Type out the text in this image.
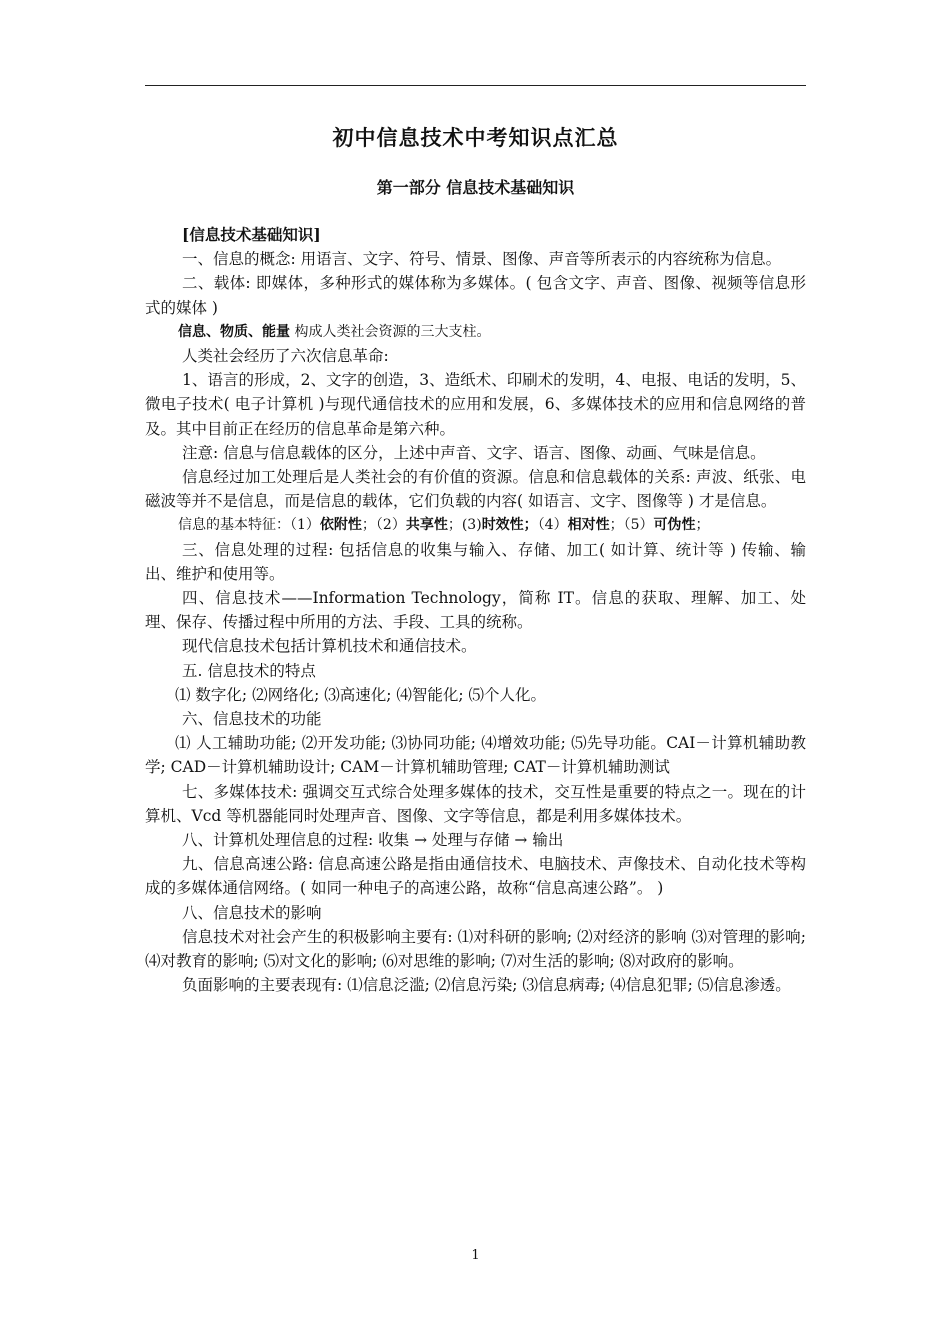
初中信息技术中考知识点汇总
第一部分 信息技术基础知识

[信息技术基础知识]

一、信息的概念: 用语言、文字、符号、情景、图像、声音等所表示的内容统称为信息。

二、载体: 即媒体，多种形式的媒体称为多媒体。( 包含文字、声音、图像、视频等信息形式的媒体 )

信息、物质、能量 构成人类社会资源的三大支柱。

人类社会经历了六次信息革命:

1、语言的形成，2、文字的创造，3、造纸术、印刷术的发明，4、电报、电话的发明，5、微电子技术( 电子计算机 )与现代通信技术的应用和发展，6、多媒体技术的应用和信息网络的普及。其中目前正在经历的信息革命是第六种。

注意: 信息与信息载体的区分，上述中声音、文字、语言、图像、动画、气味是信息。

信息经过加工处理后是人类社会的有价值的资源。信息和信息载体的关系: 声波、纸张、电磁波等并不是信息，而是信息的载体，它们负载的内容( 如语言、文字、图像等 ) 才是信息。

信息的基本特征：（1）依附性；（2）共享性；(3)时效性；（4）相对性；（5）可伪性；

三、信息处理的过程: 包括信息的收集与输入、存储、加工( 如计算、统计等 ) 传输、输出、维护和使用等。

四、信息技术——Information Technology，简称 IT。信息的获取、理解、加工、处理、保存、传播过程中所用的方法、手段、工具的统称。

现代信息技术包括计算机技术和通信技术。

五. 信息技术的特点

⑴ 数字化; ⑵网络化; ⑶高速化; ⑷智能化; ⑸个人化。

六、信息技术的功能

⑴ 人工辅助功能; ⑵开发功能; ⑶协同功能; ⑷增效功能; ⑸先导功能。CAI－计算机辅助教学; CAD－计算机辅助设计; CAM－计算机辅助管理; CAT－计算机辅助测试

七、多媒体技术: 强调交互式综合处理多媒体的技术，交互性是重要的特点之一。现在的计算机、Vcd 等机器能同时处理声音、图像、文字等信息，都是利用多媒体技术。

八、计算机处理信息的过程: 收集 → 处理与存储 → 输出

九、信息高速公路: 信息高速公路是指由通信技术、电脑技术、声像技术、自动化技术等构成的多媒体通信网络。( 如同一种电子的高速公路，故称“信息高速公路”。 )

八、信息技术的影响

信息技术对社会产生的积极影响主要有: ⑴对科研的影响; ⑵对经济的影响 ⑶对管理的影响; ⑷对教育的影响; ⑸对文化的影响; ⑹对思维的影响; ⑺对生活的影响; ⑻对政府的影响。

负面影响的主要表现有: ⑴信息泛滥; ⑵信息污染; ⑶信息病毒; ⑷信息犯罪; ⑸信息渗透。

1
